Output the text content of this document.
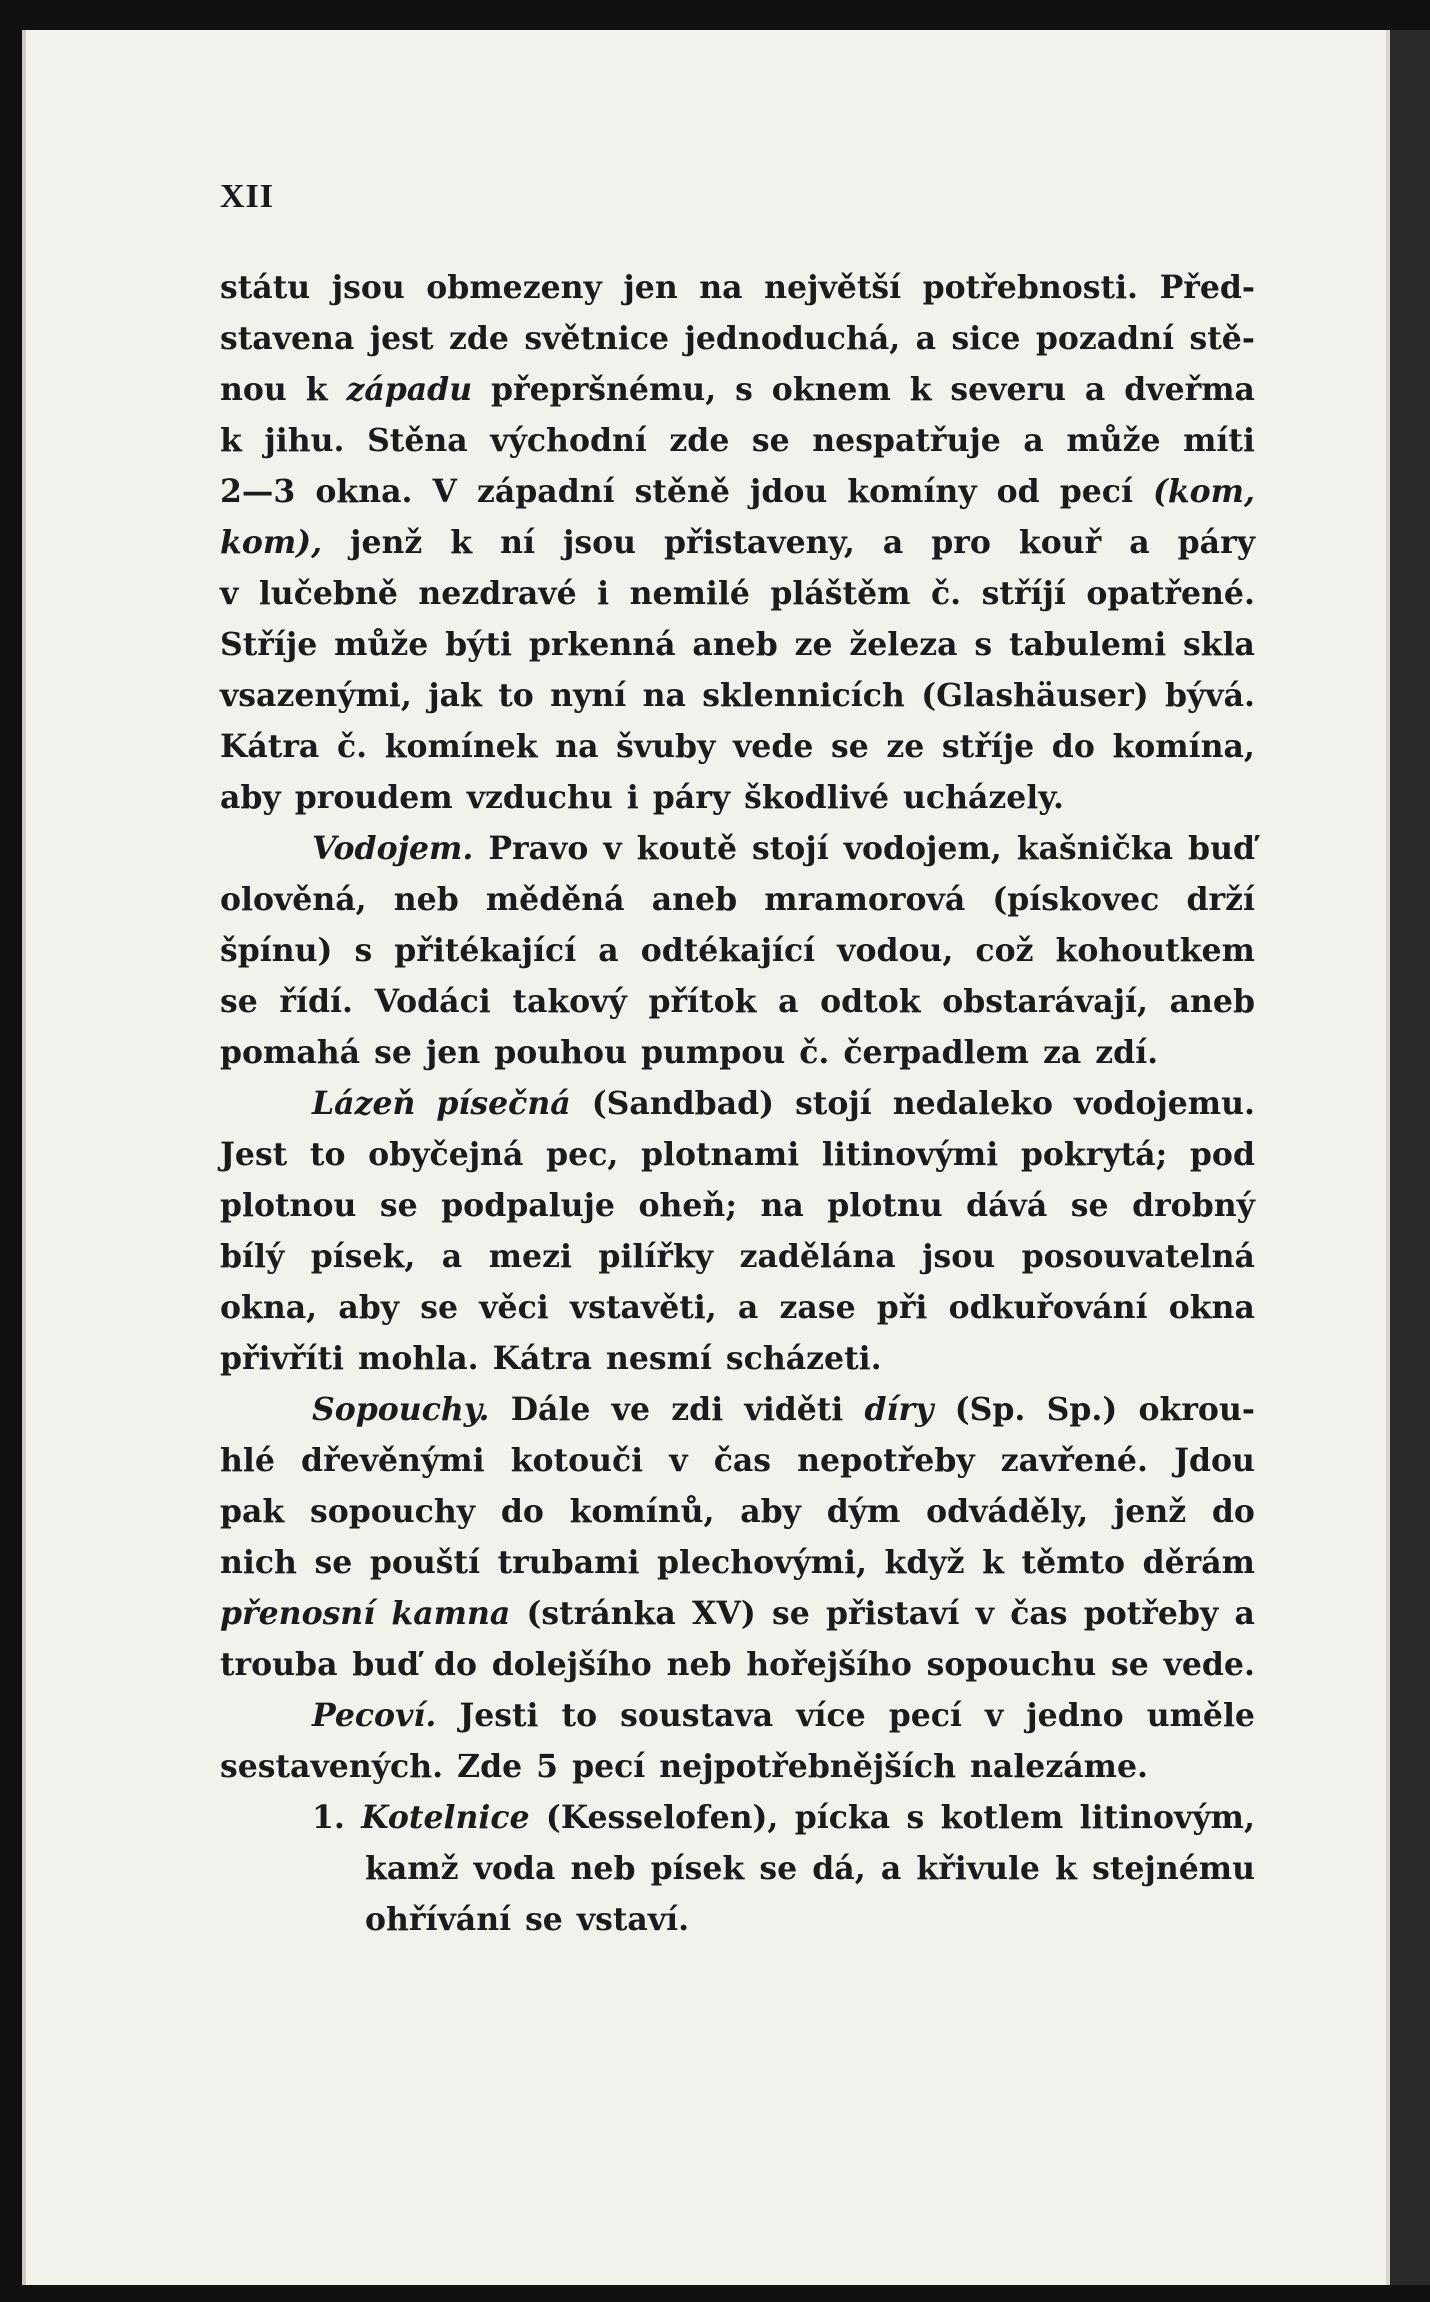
XII
státu jsou obmezeny jen na největší potřebnosti. Před-
stavena jest zde světnice jednoduchá, a sice pozadní stě-
nou k západu přepršnému, s oknem k severu a dveřma
k jihu. Stěna východní zde se nespatřuje a může míti
2—3 okna. V západní stěně jdou komíny od pecí (kom,
kom), jenž k ní jsou přistaveny, a pro kouř a páry
v lučebně nezdravé i nemilé pláštěm č. stříjí opatřené.
Stříje může býti prkenná aneb ze železa s tabulemi skla
vsazenými, jak to nyní na sklennicích (Glashäuser) bývá.
Kátra č. komínek na švuby vede se ze stříje do komína,
aby proudem vzduchu i páry škodlivé ucházely.
Vodojem. Pravo v koutě stojí vodojem, kašnička buď
olověná, neb měděná aneb mramorová (pískovec drží
špínu) s přitékající a odtékající vodou, což kohoutkem
se řídí. Vodáci takový přítok a odtok obstarávají, aneb
pomahá se jen pouhou pumpou č. čerpadlem za zdí.
Lázeň písečná (Sandbad) stojí nedaleko vodojemu.
Jest to obyčejná pec, plotnami litinovými pokrytá; pod
plotnou se podpaluje oheň; na plotnu dává se drobný
bílý písek, a mezi pilířky zadělána jsou posouvatelná
okna, aby se věci vstavěti, a zase při odkuřování okna
přivříti mohla. Kátra nesmí scházeti.
Sopouchy. Dále ve zdi viděti díry (Sp. Sp.) okrou-
hlé dřevěnými kotouči v čas nepotřeby zavřené. Jdou
pak sopouchy do komínů, aby dým odváděly, jenž do
nich se pouští trubami plechovými, když k těmto děrám
přenosní kamna (stránka XV) se přistaví v čas potřeby a
trouba buď do dolejšího neb hořejšího sopouchu se vede.
Pecoví. Jesti to soustava více pecí v jedno uměle
sestavených. Zde 5 pecí nejpotřebnějších nalezáme.
1. Kotelnice (Kesselofen), pícka s kotlem litinovým,
kamž voda neb písek se dá, a křivule k stejnému
ohřívání se vstaví.
